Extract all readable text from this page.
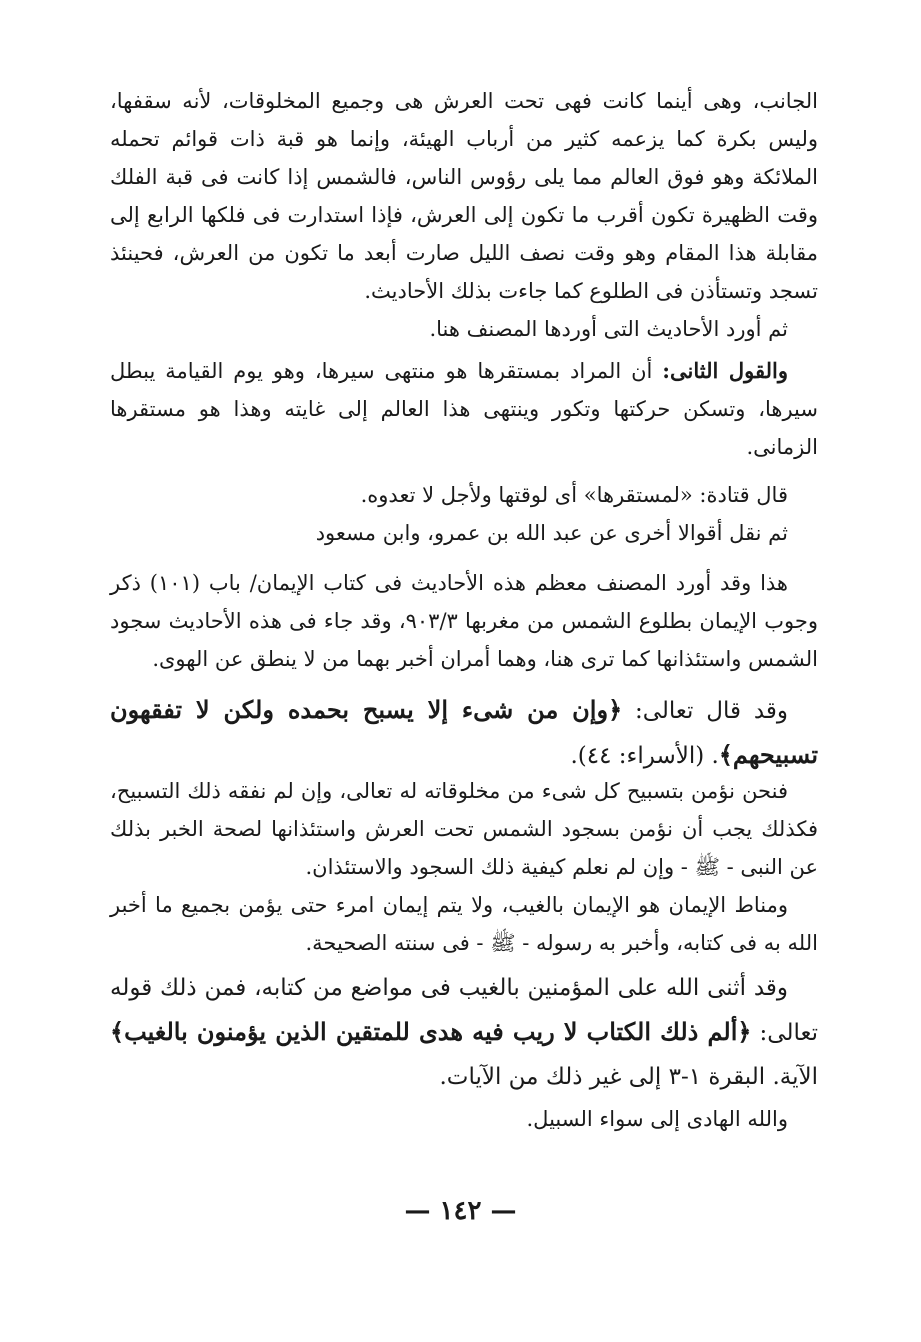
الجانب، وهى أينما كانت فهى تحت العرش هى وجميع المخلوقات، لأنه سقفها، وليس بكرة كما يزعمه كثير من أرباب الهيئة، وإنما هو قبة ذات قوائم تحمله الملائكة وهو فوق العالم مما يلى رؤوس الناس، فالشمس إذا كانت فى قبة الفلك وقت الظهيرة تكون أقرب ما تكون إلى العرش، فإذا استدارت فى فلكها الرابع إلى مقابلة هذا المقام وهو وقت نصف الليل صارت أبعد ما تكون من العرش، فحينئذ تسجد وتستأذن فى الطلوع كما جاءت بذلك الأحاديث.

ثم أورد الأحاديث التى أوردها المصنف هنا.

والقول الثانى: أن المراد بمستقرها هو منتهى سيرها، وهو يوم القيامة يبطل سيرها، وتسكن حركتها وتكور وينتهى هذا العالم إلى غايته وهذا هو مستقرها الزمانى.

قال قتادة: «لمستقرها» أى لوقتها ولأجل لا تعدوه.

ثم نقل أقوالا أخرى عن عبد الله بن عمرو، وابن مسعود

هذا وقد أورد المصنف معظم هذه الأحاديث فى كتاب الإيمان/ باب (١٠١) ذكر وجوب الإيمان بطلوع الشمس من مغربها ٩٠٣/٣، وقد جاء فى هذه الأحاديث سجود الشمس واستئذانها كما ترى هنا، وهما أمران أخبر بهما من لا ينطق عن الهوى.

وقد قال تعالى: ﴿وإن من شىء إلا يسبح بحمده ولكن لا تفقهون تسبيحهم﴾. (الأسراء: ٤٤).

فنحن نؤمن بتسبيح كل شىء من مخلوقاته له تعالى، وإن لم نفقه ذلك التسبيح، فكذلك يجب أن نؤمن بسجود الشمس تحت العرش واستئذانها لصحة الخبر بذلك عن النبى - ﷺ - وإن لم نعلم كيفية ذلك السجود والاستئذان.

ومناط الإيمان هو الإيمان بالغيب، ولا يتم إيمان امرء حتى يؤمن بجميع ما أخبر الله به فى كتابه، وأخبر به رسوله - ﷺ - فى سنته الصحيحة.

وقد أثنى الله على المؤمنين بالغيب فى مواضع من كتابه، فمن ذلك قوله تعالى: ﴿ألم ذلك الكتاب لا ريب فيه هدى للمتقين الذين يؤمنون بالغيب﴾ الآية. البقرة ١-٣ إلى غير ذلك من الآيات.

والله الهادى إلى سواء السبيل.

— ١٤٢ —
